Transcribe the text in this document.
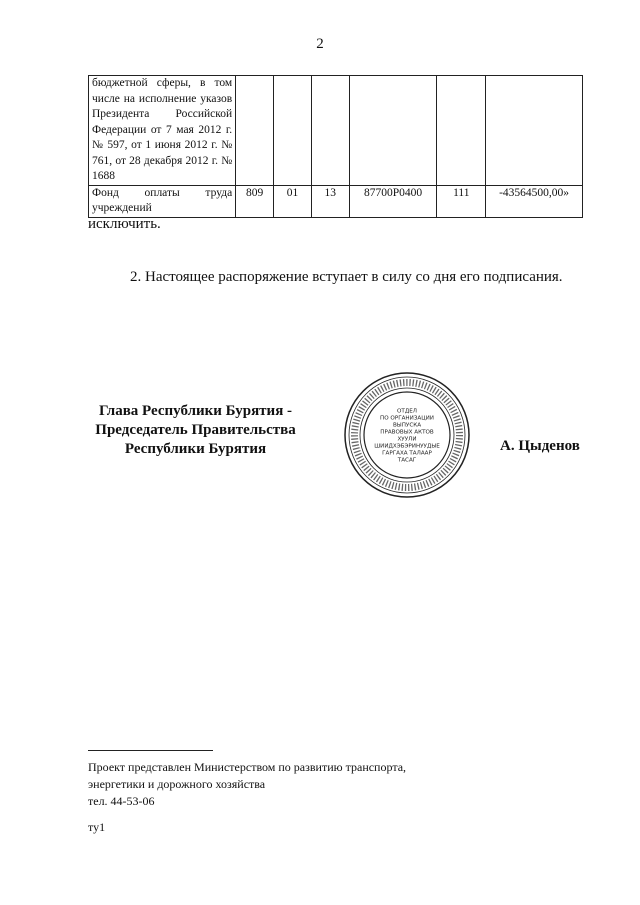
2
бюджетной сферы, в том числе на исполнение указов Президента Российской Федерации от 7 мая 2012 г. № 597, от 1 июня 2012 г. № 761, от 28 декабря 2012 г. № 1688						
Фонд оплаты труда учреждений	809	01	13	87700P0400	111	-43564500,00»
исключить.
2. Настоящее распоряжение вступает в силу со дня его подписания.
Глава Республики Бурятия -
Председатель Правительства
Республики Бурятия	А. Цыденов
ОТДЕЛ
ПО ОРГАНИЗАЦИИ
ВЫПУСКА
ПРАВОВЫХ АКТОВ
ХУУЛИ
ШИИДХЭБЭРИНУУДЫЕ
ГАРГАХА ТАЛААР
ТАСАГ
Проект представлен Министерством по развитию транспорта,
энергетики и дорожного хозяйства
тел. 44-53-06
ту1
